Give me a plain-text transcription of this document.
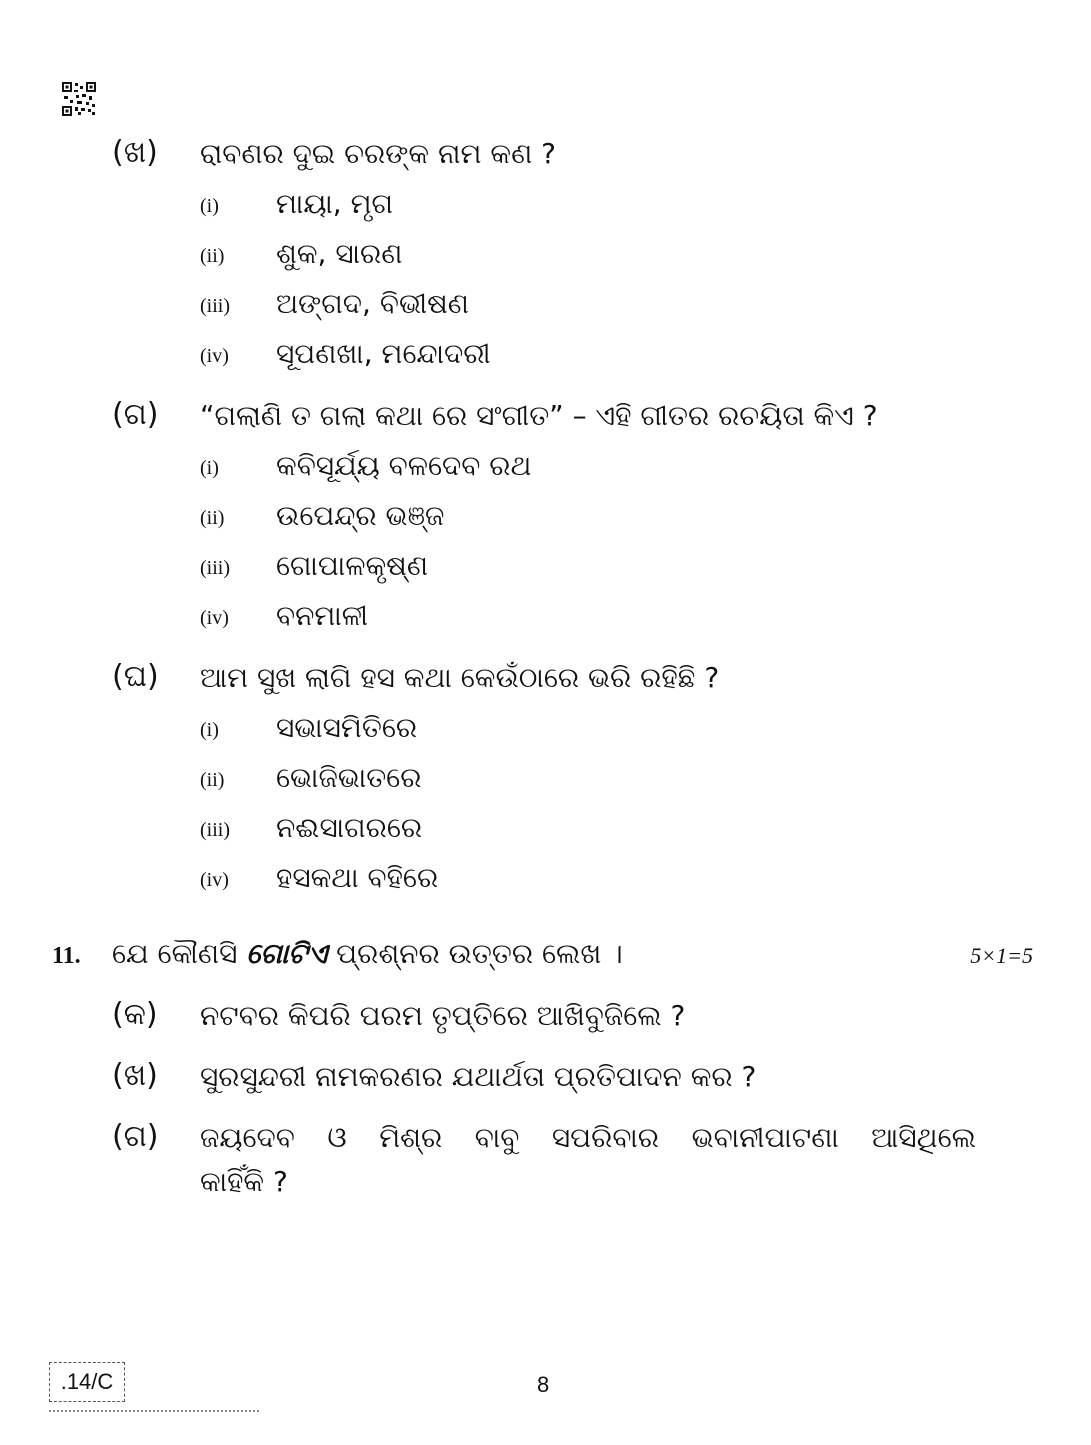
(ଖ) ରାବଣର ଦୁଇ ଚରଙ୍କ ନାମ କଣ ?
(i) ମାୟା, ମୃଗ
(ii) ଶୁକ, ସାରଣ
(iii) ଅଙ୍ଗଦ, ବିଭୀଷଣ
(iv) ସୂପଣଖା, ମନ୍ଦୋଦରୀ
(ଗ) “ଗଲାଣି ତ ଗଲା କଥା ରେ ସଂଗୀତ” – ଏହି ଗୀତର ରଚୟିତା କିଏ ?
(i) କବିସୂର୍ଯ୍ୟ ବଳଦେବ ରଥ
(ii) ଉପେନ୍ଦ୍ର ଭଞ୍ଜ
(iii) ଗୋପାଳକୃଷ୍ଣ
(iv) ବନମାଳୀ
(ଘ) ଆମ ସୁଖ ଲାଗି ହସ କଥା କେଉଁଠାରେ ଭରି ରହିଛି ?
(i) ସଭାସମିତିରେ
(ii) ଭୋଜିଭାତରେ
(iii) ନଈସାଗରରେ
(iv) ହସକଥା ବହିରେ
11. ଯେ କୌଣସି ଗୋଟିଏ ପ୍ରଶ୍ନର ଉତ୍ତର ଲେଖ ।	5×1=5
(କ) ନଟବର କିପରି ପରମ ତୃପ୍ତିରେ ଆଖିବୁଜିଲେ ?
(ଖ) ସୁରସୁନ୍ଦରୀ ନାମକରଣର ଯଥାର୍ଥତା ପ୍ରତିପାଦନ କର ?
(ଗ) ଜୟଦେବ ଓ ମିଶ୍ର ବାବୁ ସପରିବାର ଭବାନୀପାଟଣା ଆସିଥିଲେ
କାହିଁକି ?
.14/C	8
